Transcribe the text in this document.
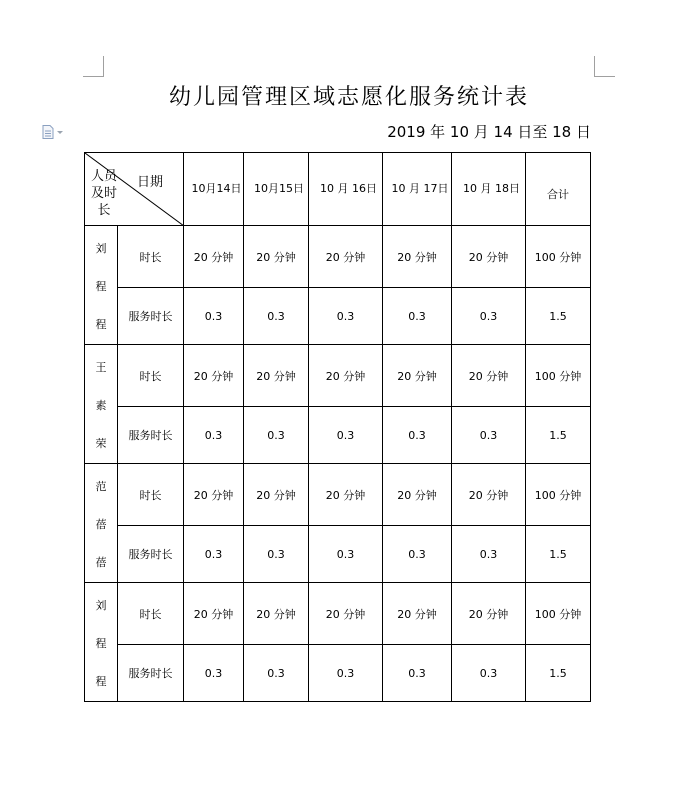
幼儿园管理区域志愿化服务统计表
2019 年 10 月 14 日至 18 日
日期
人员及时长		10月14日	10月15日	10 月 16日	10 月 17日	10 月 18日	合计

刘
程
程	时长	20 分钟	20 分钟	20 分钟	20 分钟	20 分钟	100 分钟
	服务时长	0.3	0.3	0.3	0.3	0.3	1.5

王
素
荣	时长	20 分钟	20 分钟	20 分钟	20 分钟	20 分钟	100 分钟
	服务时长	0.3	0.3	0.3	0.3	0.3	1.5

范
蓓
蓓	时长	20 分钟	20 分钟	20 分钟	20 分钟	20 分钟	100 分钟
	服务时长	0.3	0.3	0.3	0.3	0.3	1.5

刘
程
程	时长	20 分钟	20 分钟	20 分钟	20 分钟	20 分钟	100 分钟
	服务时长	0.3	0.3	0.3	0.3	0.3	1.5
